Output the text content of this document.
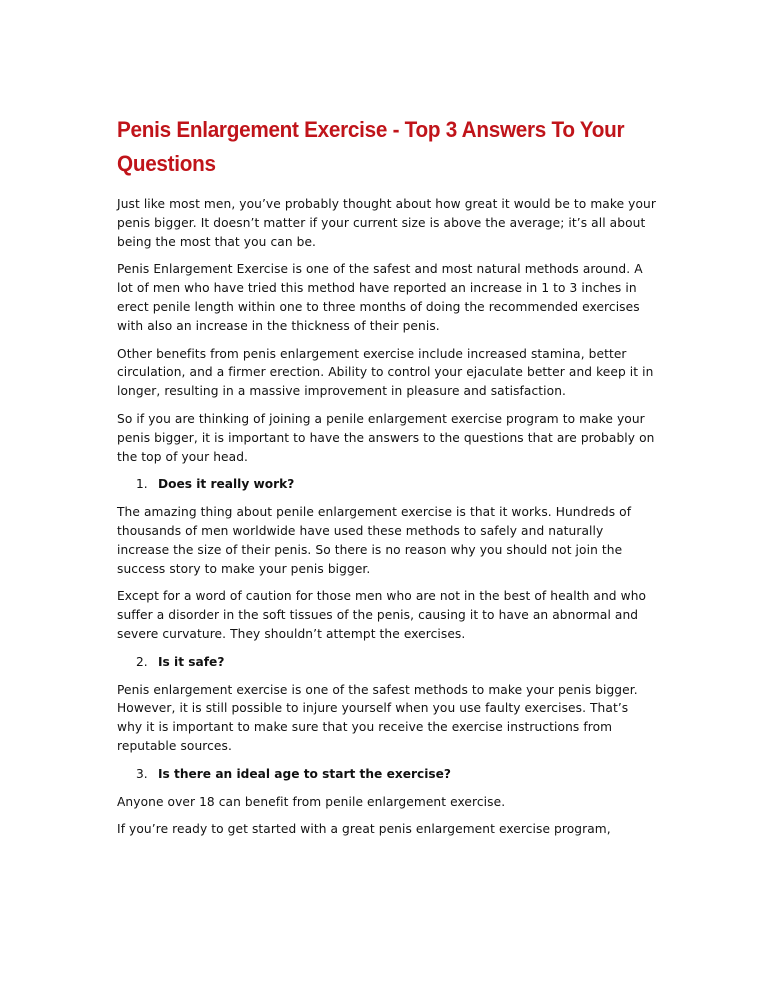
Penis Enlargement Exercise - Top 3 Answers To Your Questions

Just like most men, you’ve probably thought about how great it would be to make your penis bigger. It doesn’t matter if your current size is above the average; it’s all about being the most that you can be.

Penis Enlargement Exercise is one of the safest and most natural methods around. A lot of men who have tried this method have reported an increase in 1 to 3 inches in erect penile length within one to three months of doing the recommended exercises with also an increase in the thickness of their penis.

Other benefits from penis enlargement exercise include increased stamina, better circulation, and a firmer erection. Ability to control your ejaculate better and keep it in longer, resulting in a massive improvement in pleasure and satisfaction.

So if you are thinking of joining a penile enlargement exercise program to make your penis bigger, it is important to have the answers to the questions that are probably on the top of your head.

1. Does it really work?

The amazing thing about penile enlargement exercise is that it works. Hundreds of thousands of men worldwide have used these methods to safely and naturally increase the size of their penis. So there is no reason why you should not join the success story to make your penis bigger.

Except for a word of caution for those men who are not in the best of health and who suffer a disorder in the soft tissues of the penis, causing it to have an abnormal and severe curvature. They shouldn’t attempt the exercises.

2. Is it safe?

Penis enlargement exercise is one of the safest methods to make your penis bigger. However, it is still possible to injure yourself when you use faulty exercises. That’s why it is important to make sure that you receive the exercise instructions from reputable sources.

3. Is there an ideal age to start the exercise?

Anyone over 18 can benefit from penile enlargement exercise.

If you’re ready to get started with a great penis enlargement exercise program,
